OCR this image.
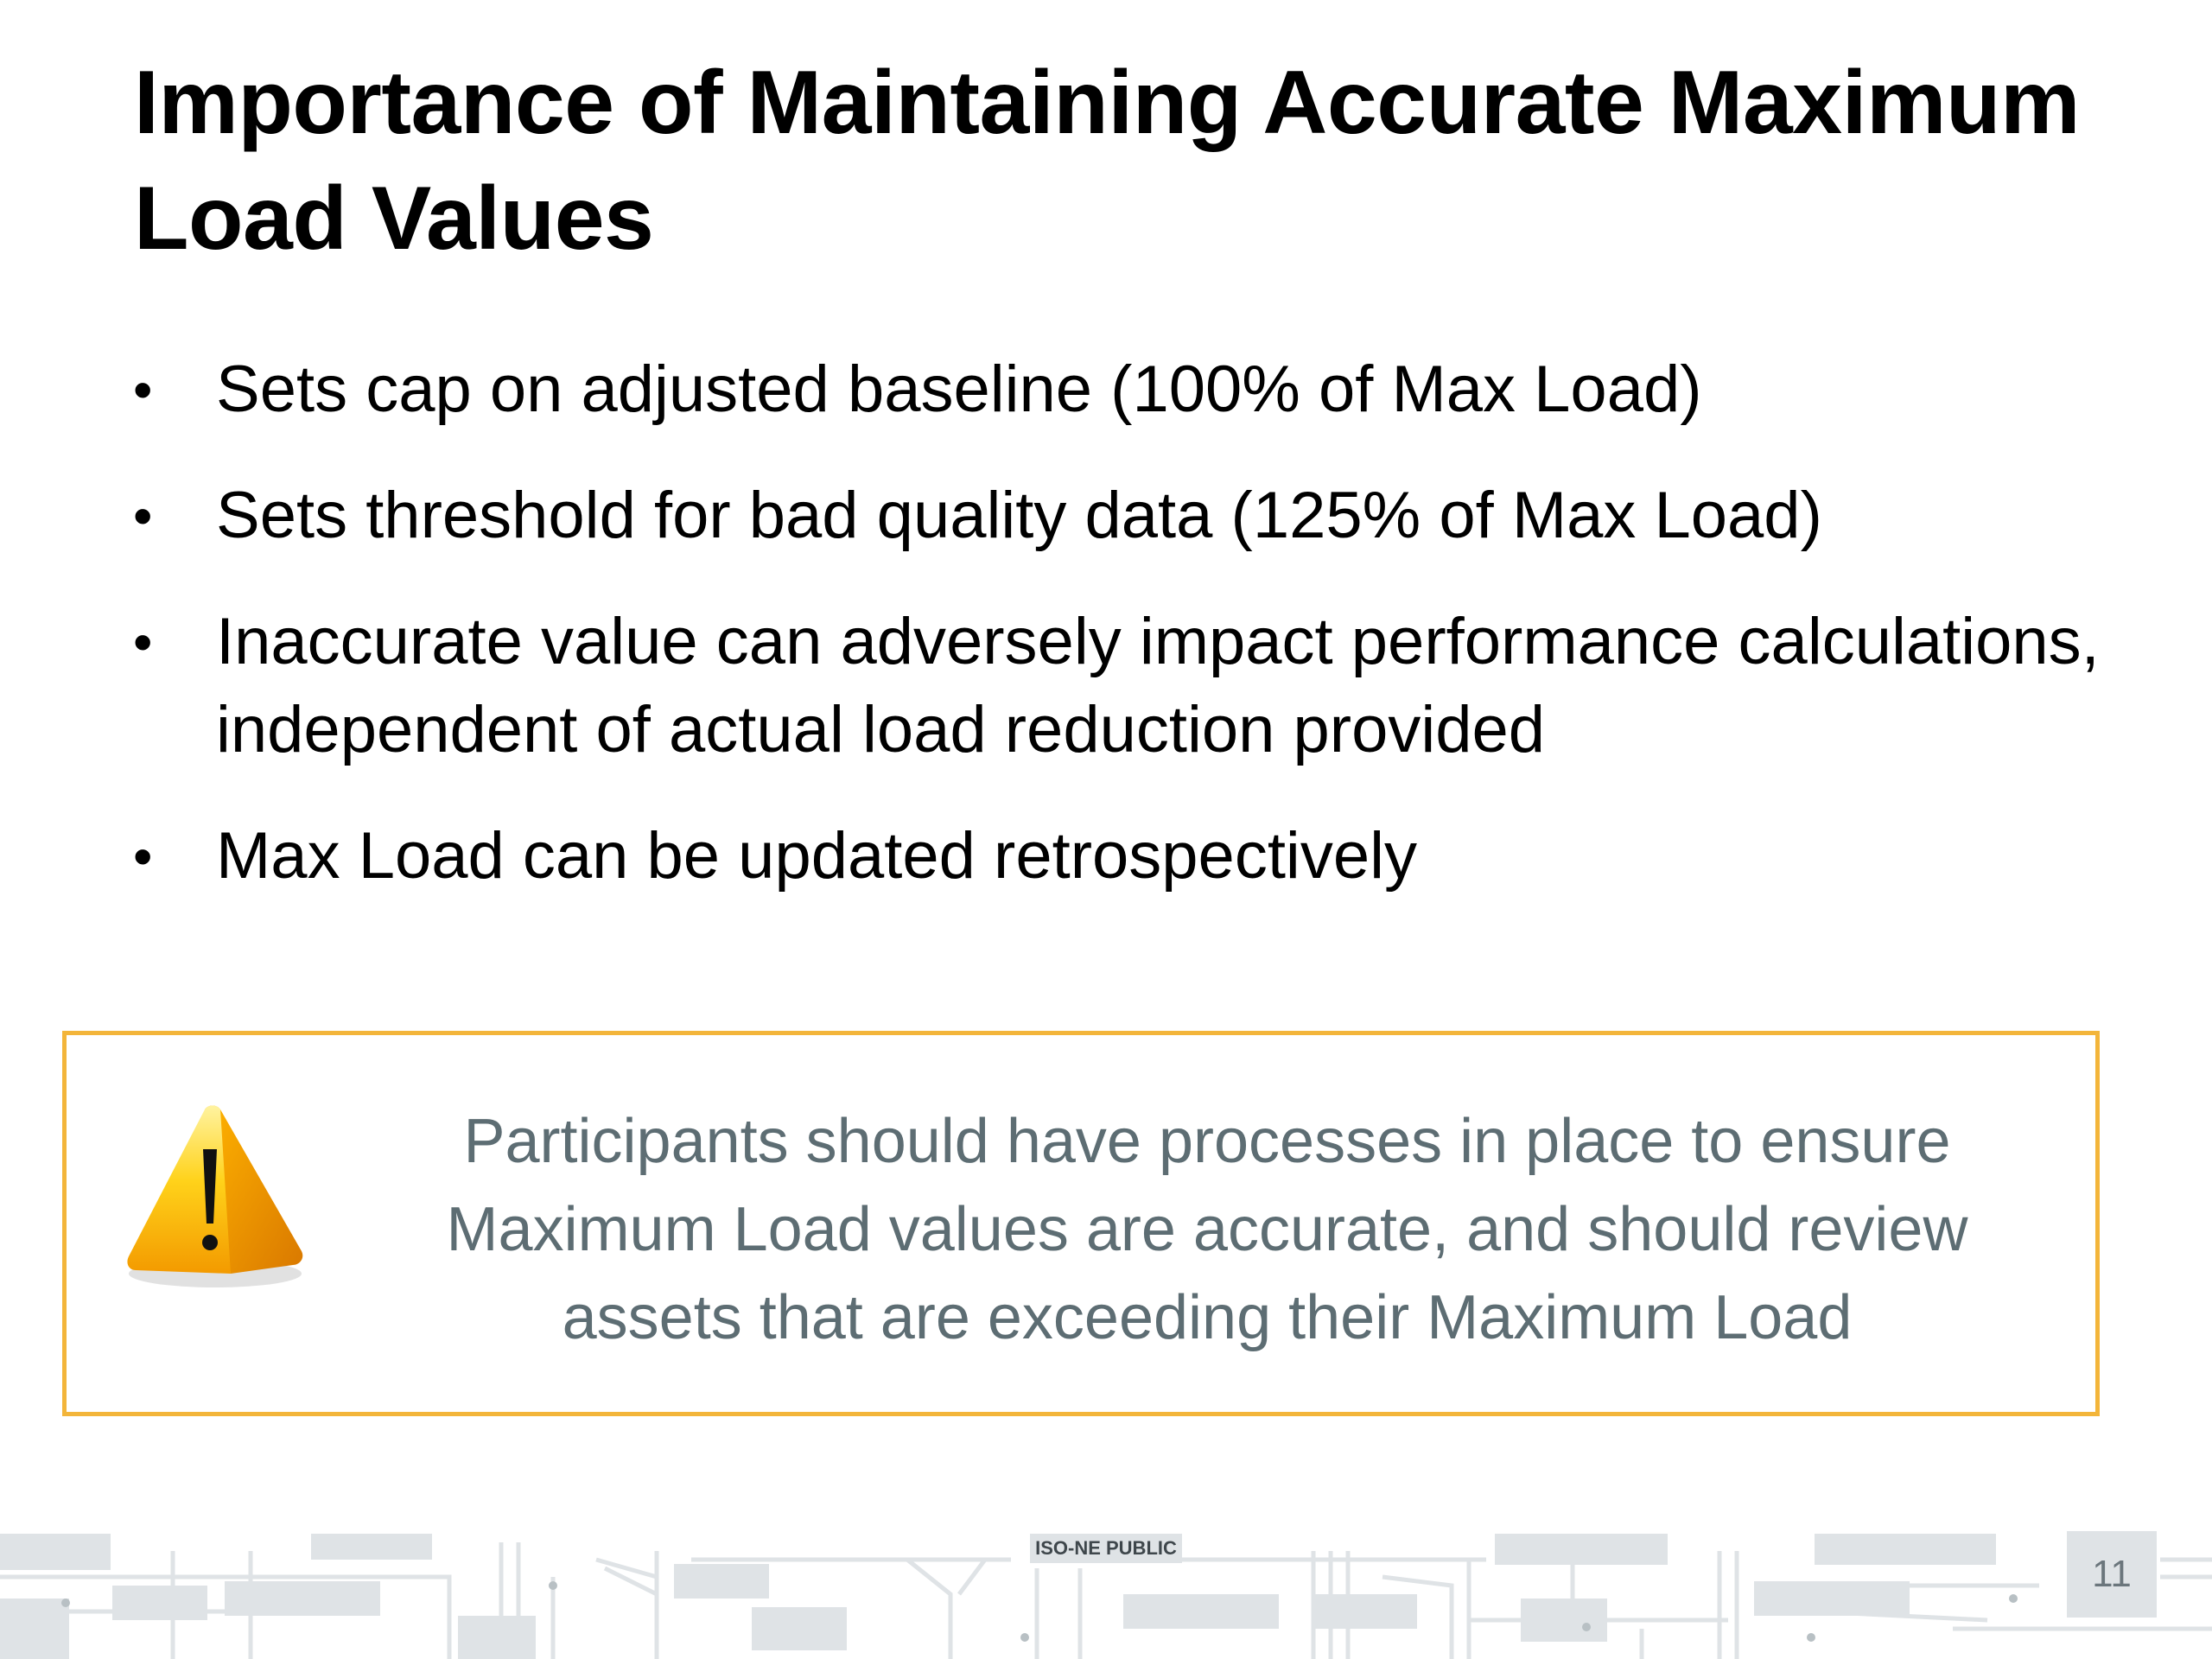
Importance of Maintaining Accurate Maximum Load Values
• Sets cap on adjusted baseline (100% of Max Load)
• Sets threshold for bad quality data (125% of Max Load)
• Inaccurate value can adversely impact performance calculations, independent of actual load reduction provided
• Max Load can be updated retrospectively
Participants should have processes in place to ensure Maximum Load values are accurate, and should review assets that are exceeding their Maximum Load
ISO-NE PUBLIC
11
